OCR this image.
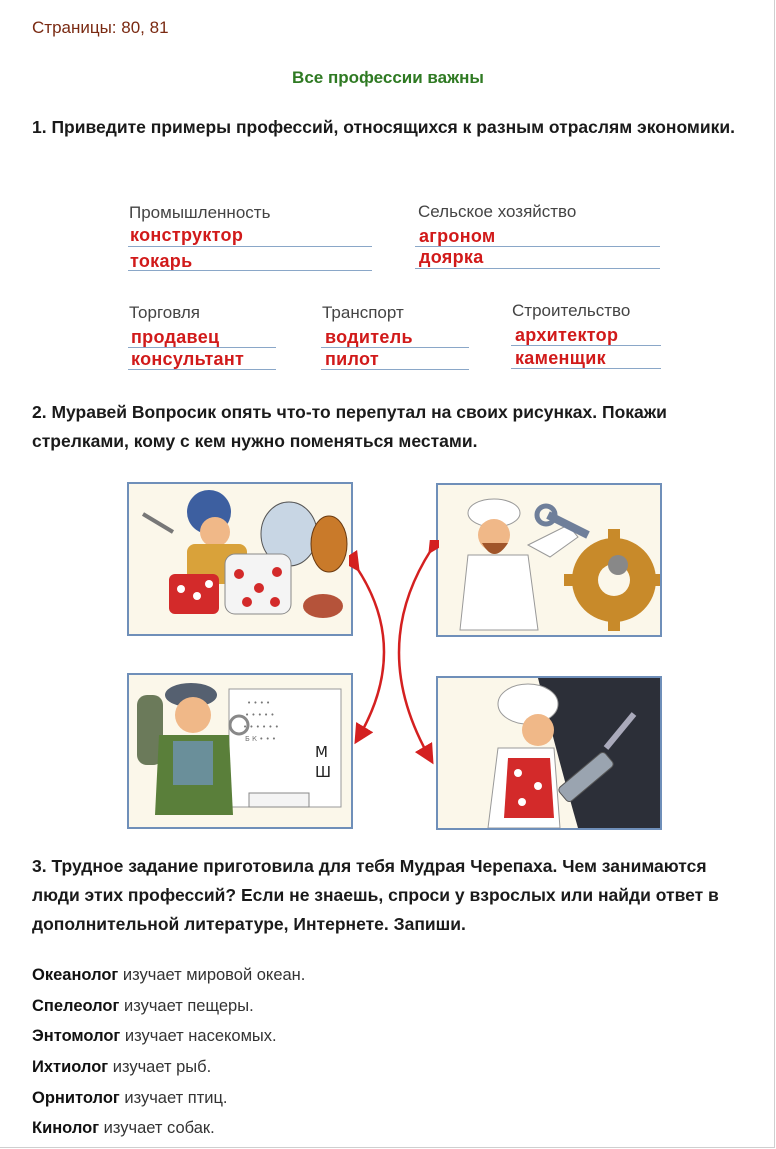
Страницы: 80, 81
Все профессии важны
1. Приведите примеры профессий, относящихся к разным отраслям экономики.
Промышленность
конструктор
токарь
Сельское хозяйство
агроном
доярка
Торговля
продавец
консультант
Транспорт
водитель
пилот
Строительство
архитектор
каменщик
2. Муравей Вопросик опять что-то перепутал на своих рисунках. Покажи стрелками, кому с кем нужно поменяться местами.
• • • •
• • • • •
• • • • • •
Б К • • •
М
Ш
3. Трудное задание приготовила для тебя Мудрая Черепаха. Чем занимаются люди этих профессий? Если не знаешь, спроси у взрослых или найди ответ в дополнительной литературе, Интернете. Запиши.
Океанолог изучает мировой океан.
Спелеолог изучает пещеры.
Энтомолог изучает насекомых.
Ихтиолог изучает рыб.
Орнитолог изучает птиц.
Кинолог изучает собак.
